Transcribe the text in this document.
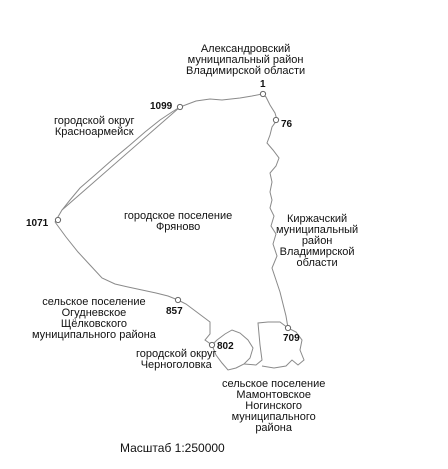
Александровский
муниципальный район
Владимирской области
городской округ
Красноармейск
городское поселение
Фряново
Киржачский
муниципальный
район
Владимирской
области
сельское поселение
Огудневское
Щёлковского
муниципального района
городской округ
Черноголовка
сельское поселение
Мамонтовское
Ногинского
муниципального
района
1
76
1099
1071
857
802
709
Масштаб 1:250000
